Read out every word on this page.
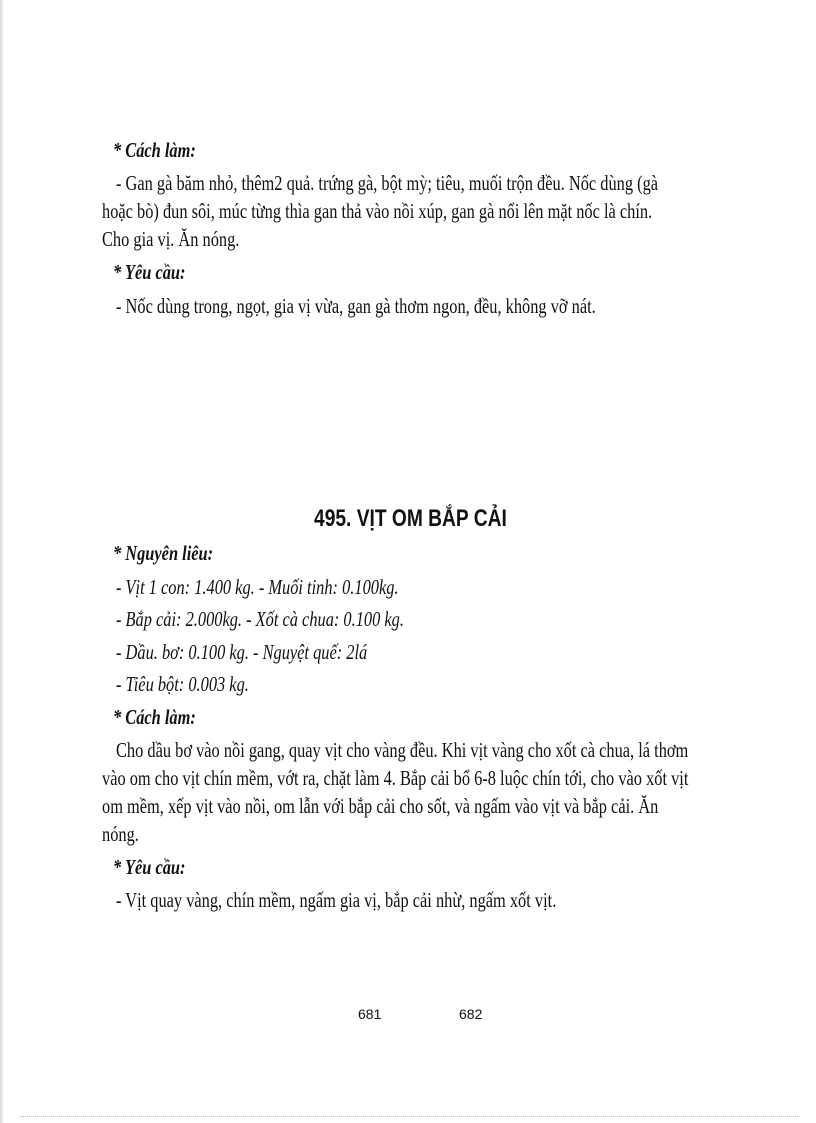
* Cách làm:
- Gan gà băm nhỏ, thêm2 quả. trứng gà, bột mỳ; tiêu, muối trộn đều. Nốc dùng (gà
hoặc bò) đun sôi, múc từng thìa gan thả vào nồi xúp, gan gà nổi lên mặt nốc là chín.
Cho gia vị. Ăn nóng.
* Yêu cầu:
- Nốc dùng trong, ngọt, gia vị vừa, gan gà thơm ngon, đều, không vỡ nát.
495. VỊT OM BẮP CẢI
* Nguyên liêu:
- Vịt 1 con: 1.400 kg. - Muối tinh: 0.100kg.
- Bắp cải: 2.000kg. - Xốt cà chua: 0.100 kg.
- Dầu. bơ: 0.100 kg. - Nguyệt quế: 2lá
- Tiêu bột: 0.003 kg.
* Cách làm:
Cho dầu bơ vào nồi gang, quay vịt cho vàng đều. Khi vịt vàng cho xốt cà chua, lá thơm
vào om cho vịt chín mềm, vớt ra, chặt làm 4. Bắp cải bổ 6-8 luộc chín tới, cho vào xốt vịt
om mềm, xếp vịt vào nồi, om lẫn với bắp cải cho sốt, và ngấm vào vịt và bắp cải. Ăn
nóng.
* Yêu cầu:
- Vịt quay vàng, chín mềm, ngấm gia vị, bắp cải nhừ, ngấm xốt vịt.
681	682
